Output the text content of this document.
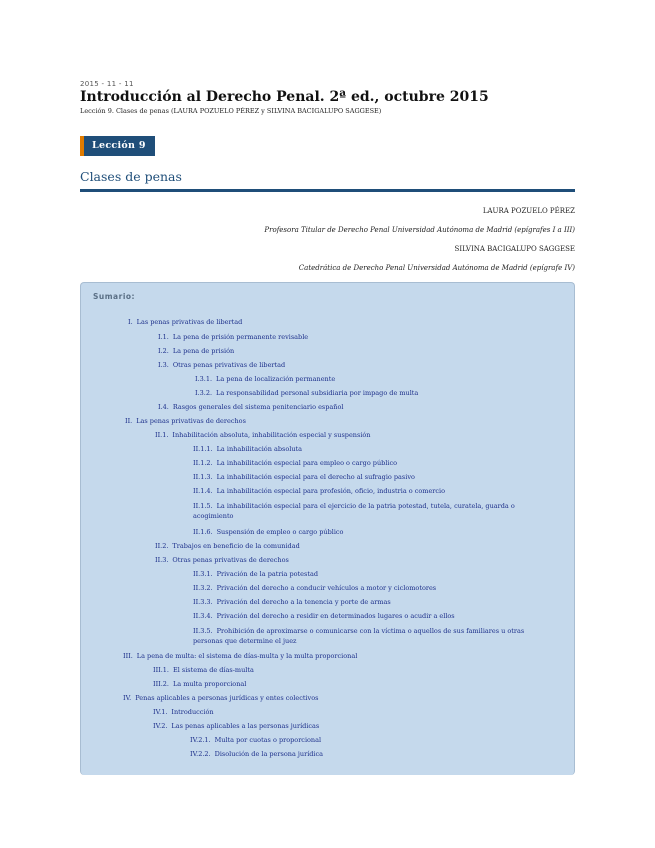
2015 - 11 - 11
Introducción al Derecho Penal. 2ª ed., octubre 2015
Lección 9. Clases de penas (LAURA POZUELO PÉREZ y SILVINA BACIGALUPO SAGGESE)
Lección 9
Clases de penas
LAURA POZUELO PÉREZ
Profesora Titular de Derecho Penal Universidad Autónoma de Madrid (epígrafes I a III)
SILVINA BACIGALUPO SAGGESE
Catedrática de Derecho Penal Universidad Autónoma de Madrid (epígrafe IV)
Sumario:
I. Las penas privativas de libertad
I.1. La pena de prisión permanente revisable
I.2. La pena de prisión
I.3. Otras penas privativas de libertad
I.3.1. La pena de localización permanente
I.3.2. La responsabilidad personal subsidiaria por impago de multa
I.4. Rasgos generales del sistema penitenciario español
II. Las penas privativas de derechos
II.1. Inhabilitación absoluta, inhabilitación especial y suspensión
II.1.1. La inhabilitación absoluta
II.1.2. La inhabilitación especial para empleo o cargo público
II.1.3. La inhabilitación especial para el derecho al sufragio pasivo
II.1.4. La inhabilitación especial para profesión, oficio, industria o comercio
II.1.5. La inhabilitación especial para el ejercicio de la patria potestad, tutela, curatela, guarda o acogimiento
II.1.6. Suspensión de empleo o cargo público
II.2. Trabajos en beneficio de la comunidad
II.3. Otras penas privativas de derechos
II.3.1. Privación de la patria potestad
II.3.2. Privación del derecho a conducir vehículos a motor y ciclomotores
II.3.3. Privación del derecho a la tenencia y porte de armas
II.3.4. Privación del derecho a residir en determinados lugares o acudir a ellos
II.3.5. Prohibición de aproximarse o comunicarse con la víctima o aquellos de sus familiares u otras personas que determine el juez
III. La pena de multa: el sistema de días-multa y la multa proporcional
III.1. El sistema de días-multa
III.2. La multa proporcional
IV. Penas aplicables a personas jurídicas y entes colectivos
IV.1. Introducción
IV.2. Las penas aplicables a las personas jurídicas
IV.2.1. Multa por cuotas o proporcional
IV.2.2. Disolución de la persona jurídica
